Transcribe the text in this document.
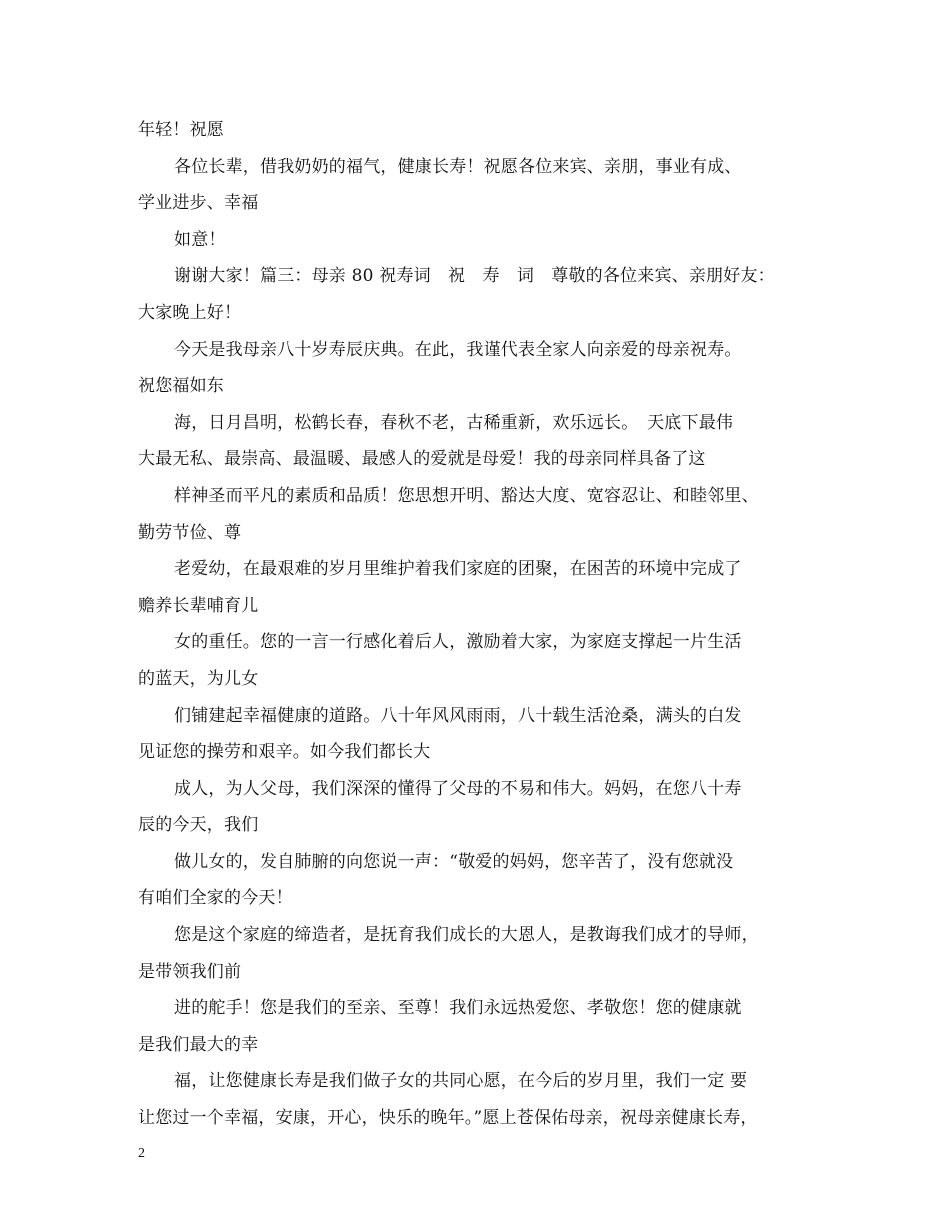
年轻！祝愿
各位长辈，借我奶奶的福气，健康长寿！祝愿各位来宾、亲朋，事业有成、
学业进步、幸福
如意！
谢谢大家！篇三：母亲 80 祝寿词　祝　寿　词　尊敬的各位来宾、亲朋好友：
大家晚上好！
今天是我母亲八十岁寿辰庆典。在此，我谨代表全家人向亲爱的母亲祝寿。
祝您福如东
海，日月昌明，松鹤长春，春秋不老，古稀重新，欢乐远长。　天底下最伟
大最无私、最崇高、最温暖、最感人的爱就是母爱！我的母亲同样具备了这
样神圣而平凡的素质和品质！您思想开明、豁达大度、宽容忍让、和睦邻里、
勤劳节俭、尊
老爱幼，在最艰难的岁月里维护着我们家庭的团聚，在困苦的环境中完成了
赡养长辈哺育儿
女的重任。您的一言一行感化着后人，激励着大家，为家庭支撑起一片生活
的蓝天，为儿女
们铺建起幸福健康的道路。八十年风风雨雨，八十载生活沧桑，满头的白发
见证您的操劳和艰辛。如今我们都长大
成人，为人父母，我们深深的懂得了父母的不易和伟大。妈妈，在您八十寿
辰的今天，我们
做儿女的，发自肺腑的向您说一声：“敬爱的妈妈，您辛苦了，没有您就没
有咱们全家的今天！
您是这个家庭的缔造者，是抚育我们成长的大恩人，是教诲我们成才的导师，
是带领我们前
进的舵手！您是我们的至亲、至尊！我们永远热爱您、孝敬您！您的健康就
是我们最大的幸
福，让您健康长寿是我们做子女的共同心愿，在今后的岁月里，我们一定 要
让您过一个幸福，安康，开心，快乐的晚年。”愿上苍保佑母亲，祝母亲健康长寿，
2
